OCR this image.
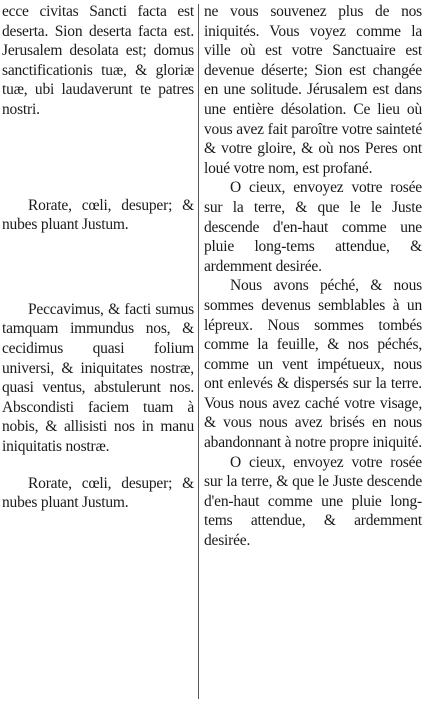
ecce civitas Sancti facta est deserta. Sion deserta facta est. Jerusalem desolata est; domus sanctificationis tuæ, & gloriæ tuæ, ubi laudaverunt te patres nostri.

Rorate, cœli, desuper; & nubes pluant Justum.

Peccavimus, & facti sumus tamquam immundus nos, & cecidimus quasi folium universi, & iniquitates nostræ, quasi ventus, abstulerunt nos. Abscondisti faciem tuam à nobis, & allisisti nos in manu iniquitatis nostræ.

Rorate, cœli, desuper; & nubes pluant Justum.

ne vous souvenez plus de nos iniquités. Vous voyez comme la ville où est votre Sanctuaire est devenue déserte; Sion est changée en une solitude. Jérusalem est dans une entière désolation. Ce lieu où vous avez fait paroître votre sainteté & votre gloire, & où nos Peres ont loué votre nom, est profané.

O cieux, envoyez votre rosée sur la terre, & que le le Juste descende d'en-haut comme une pluie long-tems attendue, & ardemment desirée.

Nous avons péché, & nous sommes devenus semblables à un lépreux. Nous sommes tombés comme la feuille, & nos péchés, comme un vent impétueux, nous ont enlevés & dispersés sur la terre. Vous nous avez caché votre visage, & vous nous avez brisés en nous abandonnant à notre propre iniquité.

O cieux, envoyez votre rosée sur la terre, & que le Juste descende d'en-haut comme une pluie long-tems attendue, & ardemment desirée.
